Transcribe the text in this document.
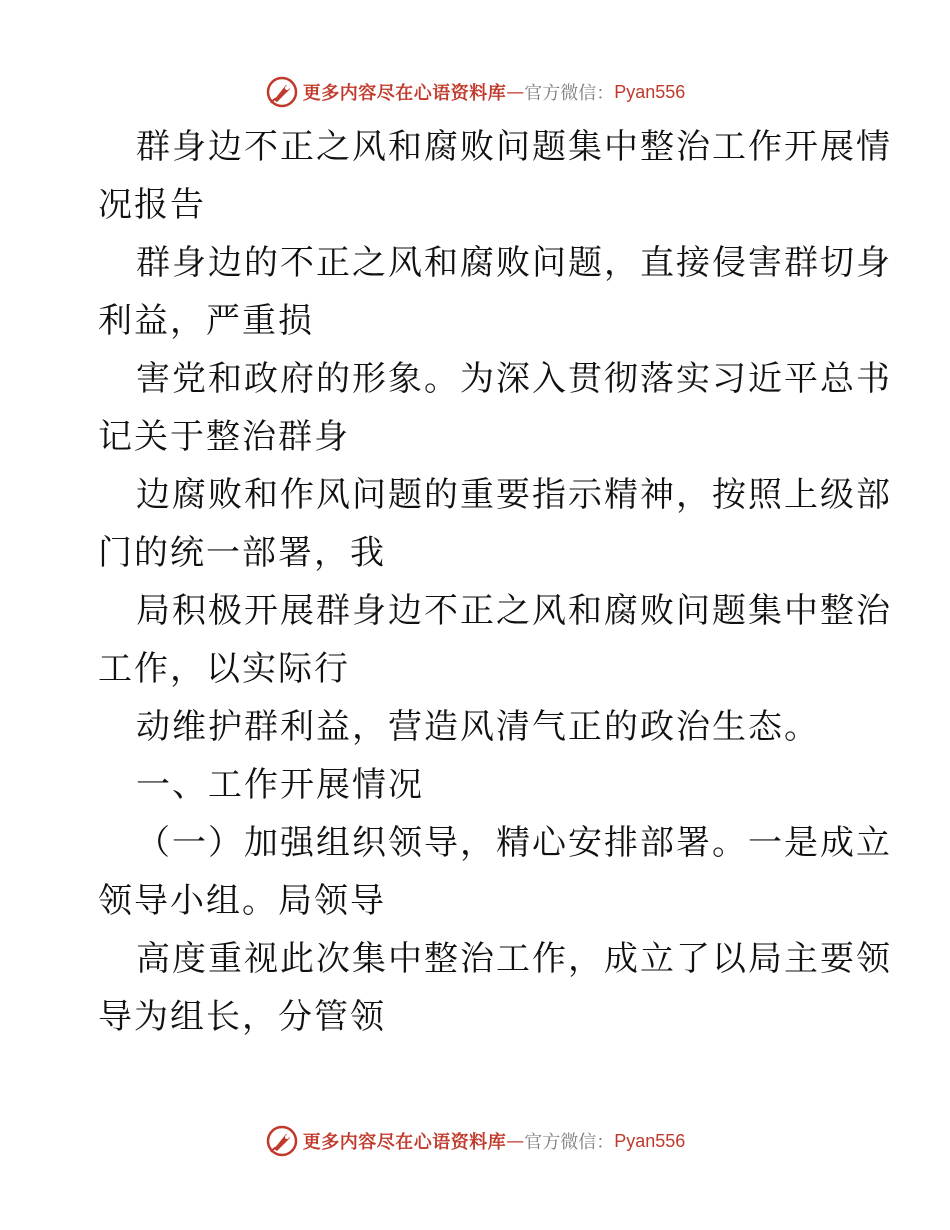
更多内容尽在心语资料库 — 官方微信： Pyan556

群身边不正之风和腐败问题集中整治工作开展情

况报告

群身边的不正之风和腐败问题，直接侵害群切身

利益，严重损

害党和政府的形象。为深入贯彻落实习近平总书

记关于整治群身

边腐败和作风问题的重要指示精神，按照上级部

门的统一部署，我

局积极开展群身边不正之风和腐败问题集中整治

工作，以实际行

动维护群利益，营造风清气正的政治生态。

一、工作开展情况

（一）加强组织领导，精心安排部署。一是成立

领导小组。局领导

高度重视此次集中整治工作，成立了以局主要领

导为组长，分管领

更多内容尽在心语资料库 — 官方微信： Pyan556
